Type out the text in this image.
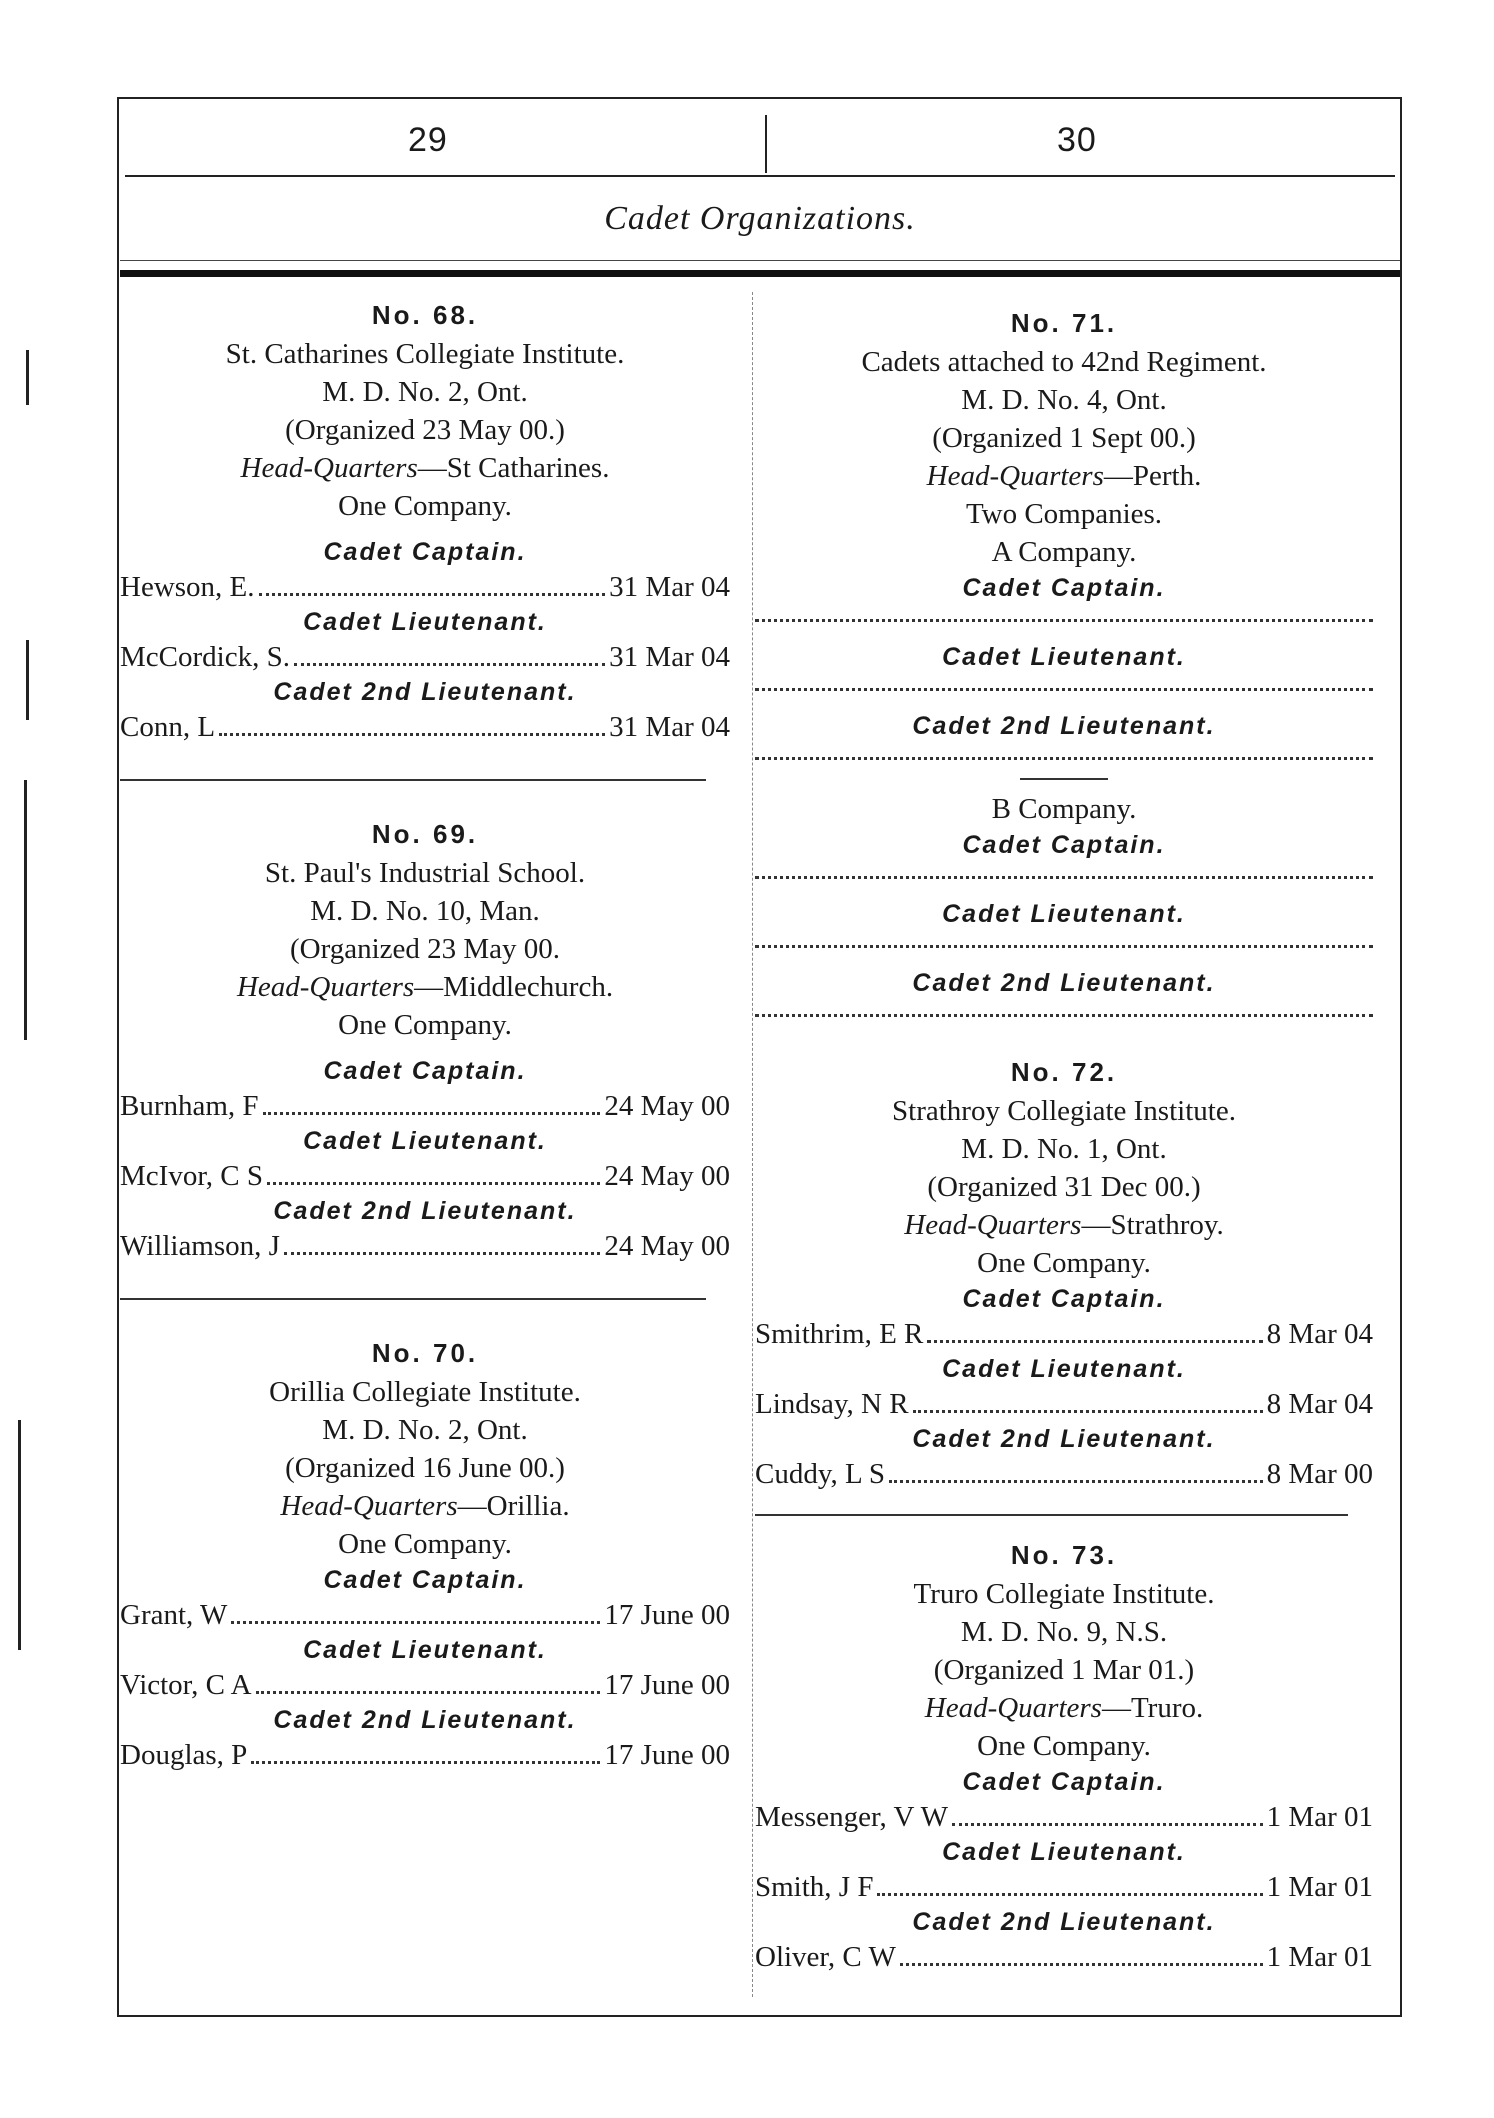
29	30
Cadet Organizations.
No. 68.
St. Catharines Collegiate Institute.
M. D. No. 2, Ont.
(Organized 23 May 00.)
Head-Quarters—St Catharines.
One Company.
Cadet Captain.
Hewson, E.	31 Mar 04
Cadet Lieutenant.
McCordick, S.	31 Mar 04
Cadet 2nd Lieutenant.
Conn, L	31 Mar 04
No. 69.
St. Paul's Industrial School.
M. D. No. 10, Man.
(Organized 23 May 00.
Head-Quarters—Middlechurch.
One Company.
Cadet Captain.
Burnham, F	24 May 00
Cadet Lieutenant.
McIvor, C S	24 May 00
Cadet 2nd Lieutenant.
Williamson, J	24 May 00
No. 70.
Orillia Collegiate Institute.
M. D. No. 2, Ont.
(Organized 16 June 00.)
Head-Quarters—Orillia.
One Company.
Cadet Captain.
Grant, W	17 June 00
Cadet Lieutenant.
Victor, C A	17 June 00
Cadet 2nd Lieutenant.
Douglas, P	17 June 00
No. 71.
Cadets attached to 42nd Regiment.
M. D. No. 4, Ont.
(Organized 1 Sept 00.)
Head-Quarters—Perth.
Two Companies.
A Company.
Cadet Captain.
Cadet Lieutenant.
Cadet 2nd Lieutenant.
B Company.
Cadet Captain.
Cadet Lieutenant.
Cadet 2nd Lieutenant.
No. 72.
Strathroy Collegiate Institute.
M. D. No. 1, Ont.
(Organized 31 Dec 00.)
Head-Quarters—Strathroy.
One Company.
Cadet Captain.
Smithrim, E R	8 Mar 04
Cadet Lieutenant.
Lindsay, N R	8 Mar 04
Cadet 2nd Lieutenant.
Cuddy, L S	8 Mar 00
No. 73.
Truro Collegiate Institute.
M. D. No. 9, N.S.
(Organized 1 Mar 01.)
Head-Quarters—Truro.
One Company.
Cadet Captain.
Messenger, V W	1 Mar 01
Cadet Lieutenant.
Smith, J F	1 Mar 01
Cadet 2nd Lieutenant.
Oliver, C W	1 Mar 01
